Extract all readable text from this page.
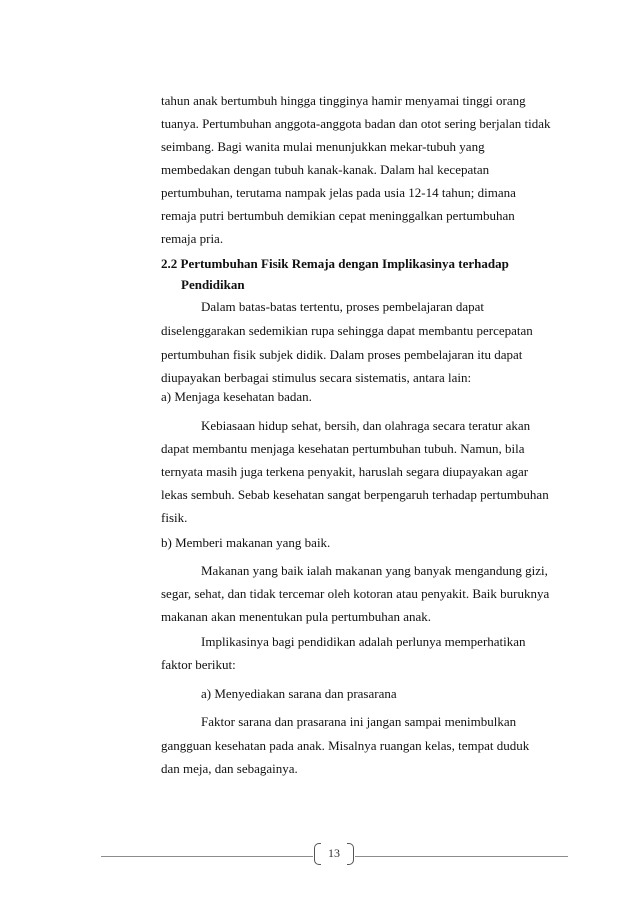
tahun anak bertumbuh hingga tingginya hamir menyamai tinggi orang
tuanya. Pertumbuhan anggota-anggota badan dan otot sering berjalan tidak
seimbang. Bagi wanita mulai menunjukkan mekar-tubuh yang
membedakan dengan tubuh kanak-kanak. Dalam hal kecepatan
pertumbuhan, terutama nampak jelas pada usia 12-14 tahun; dimana
remaja putri bertumbuh demikian cepat meninggalkan pertumbuhan
remaja pria.
2.2 Pertumbuhan Fisik Remaja dengan Implikasinya terhadap
Pendidikan
Dalam batas-batas tertentu, proses pembelajaran dapat
diselenggarakan sedemikian rupa sehingga dapat membantu percepatan
pertumbuhan fisik subjek didik. Dalam proses pembelajaran itu dapat
diupayakan berbagai stimulus secara sistematis, antara lain:
a) Menjaga kesehatan badan.
Kebiasaan hidup sehat, bersih, dan olahraga secara teratur akan
dapat membantu menjaga kesehatan pertumbuhan tubuh. Namun, bila
ternyata masih juga terkena penyakit, haruslah segara diupayakan agar
lekas sembuh. Sebab kesehatan sangat berpengaruh terhadap pertumbuhan
fisik.
b) Memberi makanan yang baik.
Makanan yang baik ialah makanan yang banyak mengandung gizi,
segar, sehat, dan tidak tercemar oleh kotoran atau penyakit. Baik buruknya
makanan akan menentukan pula pertumbuhan anak.
Implikasinya bagi pendidikan adalah perlunya memperhatikan
faktor berikut:
a) Menyediakan sarana dan prasarana
Faktor sarana dan prasarana ini jangan sampai menimbulkan
gangguan kesehatan pada anak. Misalnya ruangan kelas, tempat duduk
dan meja, dan sebagainya.
13
